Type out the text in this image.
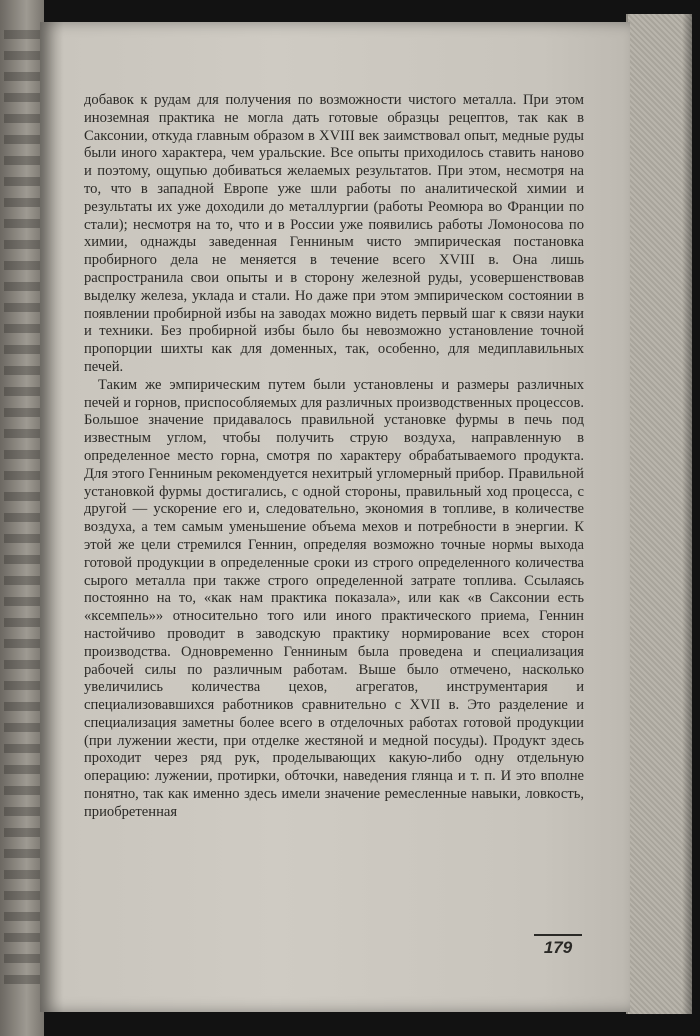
добавок к рудам для получения по возможности чистого металла. При этом иноземная практика не могла дать готовые образцы рецептов, так как в Саксонии, откуда главным образом в XVIII век заимствовал опыт, медные руды были иного характера, чем уральские. Все опыты приходилось ставить наново и поэтому, ощупью добиваться желаемых результатов. При этом, несмотря на то, что в западной Европе уже шли работы по аналитической химии и результаты их уже доходили до металлургии (работы Реомюра во Франции по стали); несмотря на то, что и в России уже появились работы Ломоносова по химии, однажды заведенная Генниным чисто эмпирическая постановка пробирного дела не меняется в течение всего XVIII в. Она лишь распространила свои опыты и в сторону железной руды, усовершенствовав выделку железа, уклада и стали. Но даже при этом эмпирическом состоянии в появлении пробирной избы на заводах можно видеть первый шаг к связи науки и техники. Без пробирной избы было бы невозможно установление точной пропорции шихты как для доменных, так, особенно, для медиплавильных печей.

Таким же эмпирическим путем были установлены и размеры различных печей и горнов, приспособляемых для различных производственных процессов. Большое значение придавалось правильной установке фурмы в печь под известным углом, чтобы получить струю воздуха, направленную в определенное место горна, смотря по характеру обрабатываемого продукта. Для этого Генниным рекомендуется нехитрый угломерный прибор. Правильной установкой фурмы достигались, с одной стороны, правильный ход процесса, с другой — ускорение его и, следовательно, экономия в топливе, в количестве воздуха, а тем самым уменьшение объема мехов и потребности в энергии. К этой же цели стремился Геннин, определяя возможно точные нормы выхода готовой продукции в определенные сроки из строго определенного количества сырого металла при также строго определенной затрате топлива. Ссылаясь постоянно на то, «как нам практика показала», или как «в Саксонии есть «ксемпель»» относительно того или иного практического приема, Геннин настойчиво проводит в заводскую практику нормирование всех сторон производства. Одновременно Генниным была проведена и специализация рабочей силы по различным работам. Выше было отмечено, насколько увеличились количества цехов, агрегатов, инструментария и специализовавшихся работников сравнительно с XVII в. Это разделение и специализация заметны более всего в отделочных работах готовой продукции (при лужении жести, при отделке жестяной и медной посуды). Продукт здесь проходит через ряд рук, проделывающих какую-либо одну отдельную операцию: лужении, протирки, обточки, наведения глянца и т. п. И это вполне понятно, так как именно здесь имели значение ремесленные навыки, ловкость, приобретенная

179
